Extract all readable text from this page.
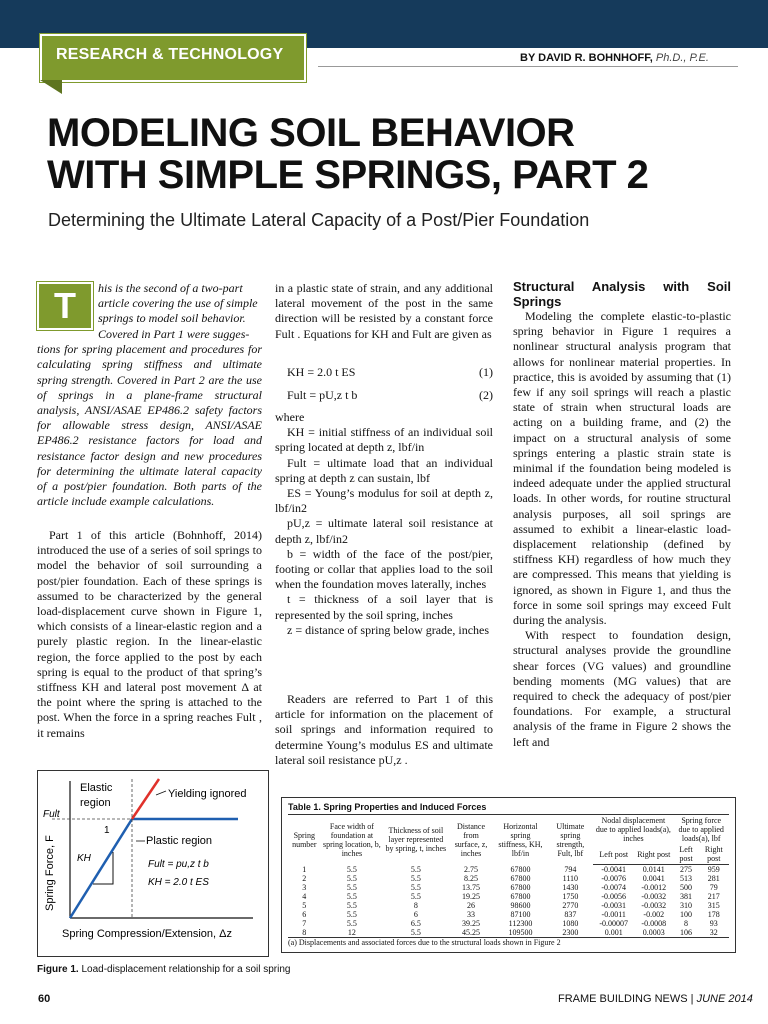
RESEARCH & TECHNOLOGY	BY DAVID R. BOHNHOFF, Ph.D., P.E.
MODELING SOIL BEHAVIOR
WITH SIMPLE SPRINGS, PART 2
Determining the Ultimate Lateral Capacity of a Post/Pier Foundation
T	his is the second of a two-part

article covering the use of simple

springs to model soil behavior.

Covered in Part 1 were sugges-

tions for spring placement and procedures for calculating spring stiffness and ultimate spring strength. Covered in Part 2 are the use of springs in a plane-frame structural analysis, ANSI/ASAE EP486.2 safety factors for allowable stress design, ANSI/ASAE EP486.2 resistance factors for load and resistance factor design and new procedures for determining the ultimate lateral capacity of a post/pier foundation. Both parts of the article include example calculations.

Part 1 of this article (Bohnhoff, 2014) introduced the use of a series of soil springs to model the behavior of soil surrounding a post/pier foundation. Each of these springs is assumed to be characterized by the general load-displacement curve shown in Figure 1, which consists of a linear-elastic region and a purely plastic region. In the linear-elastic region, the force applied to the post by each spring is equal to the product of that spring’s stiffness KH and lateral post movement Δ at the point where the spring is attached to the post. When the force in a spring reaches Fult , it remains

in a plastic state of strain, and any additional lateral movement of the post in the same direction will be resisted by a constant force Fult . Equations for KH and Fult are given as

KH = 2.0 t ES	(1)
Fult = pU,z t b	(2)

where

KH = initial stiffness of an individual soil spring located at depth z, lbf/in

Fult = ultimate load that an individual spring at depth z can sustain, lbf

ES = Young’s modulus for soil at depth z, lbf/in2

pU,z = ultimate lateral soil resistance at depth z, lbf/in2

b = width of the face of the post/pier, footing or collar that applies load to the soil when the foundation moves laterally, inches

t = thickness of a soil layer that is represented by the soil spring, inches

z = distance of spring below grade, inches

Readers are referred to Part 1 of this article for information on the placement of soil springs and information required to determine Young’s modulus ES and ultimate lateral soil resistance pU,z .

Structural Analysis with Soil Springs

Modeling the complete elastic-to-plastic spring behavior in Figure 1 requires a nonlinear structural analysis program that allows for nonlinear material properties. In practice, this is avoided by assuming that (1) few if any soil springs will reach a plastic state of strain when structural loads are acting on a building frame, and (2) the impact on a structural analysis of some springs entering a plastic strain state is minimal if the foundation being modeled is indeed adequate under the applied structural loads. In other words, for routine structural analysis purposes, all soil springs are assumed to exhibit a linear-elastic load-displacement relationship (defined by stiffness KH) regardless of how much they are compressed. This means that yielding is ignored, as shown in Figure 1, and thus the force in some soil springs may exceed Fult during the analysis.

With respect to foundation design, structural analyses provide the groundline shear forces (VG values) and groundline bending moments (MG values) that are required to check the adequacy of post/pier foundations. For example, a structural analysis of the frame in Figure 2 shows the left and

Elastic
region
Yielding ignored
Plastic region
Fult
1
KH
Fult = pu,z t b
KH = 2.0 t ES
Spring Force, F
Spring Compression/Extension, Δz
Figure 1. Load-displacement relationship for a soil spring
Table 1. Spring Properties and Induced Forces
Spring number	Face width of foundation at spring location, b, inches	Thickness of soil layer represented by spring, t, inches	Distance from surface, z, inches	Horizontal spring stiffness, KH, lbf/in	Ultimate spring strength, Fult, lbf	Nodal displacement due to applied loads(a), inches		Spring force due to applied loads(a), lbf	
						Left post	Right post	Left post	Right post
1	5.5	5.5	2.75	67800	794	-0.0041	0.0141	275	959
2	5.5	5.5	8.25	67800	1110	-0.0076	0.0041	513	281
3	5.5	5.5	13.75	67800	1430	-0.0074	-0.0012	500	79
4	5.5	5.5	19.25	67800	1750	-0.0056	-0.0032	381	217
5	5.5	8	26	98600	2770	-0.0031	-0.0032	310	315
6	5.5	6	33	87100	837	-0.0011	-0.002	100	178
7	5.5	6.5	39.25	112300	1080	-0.00007	-0.0008	8	93
8	12	5.5	45.25	109500	2300	0.001	0.0003	106	32
(a) Displacements and associated forces due to the structural loads shown in Figure 2
60	FRAME BUILDING NEWS | JUNE 2014
